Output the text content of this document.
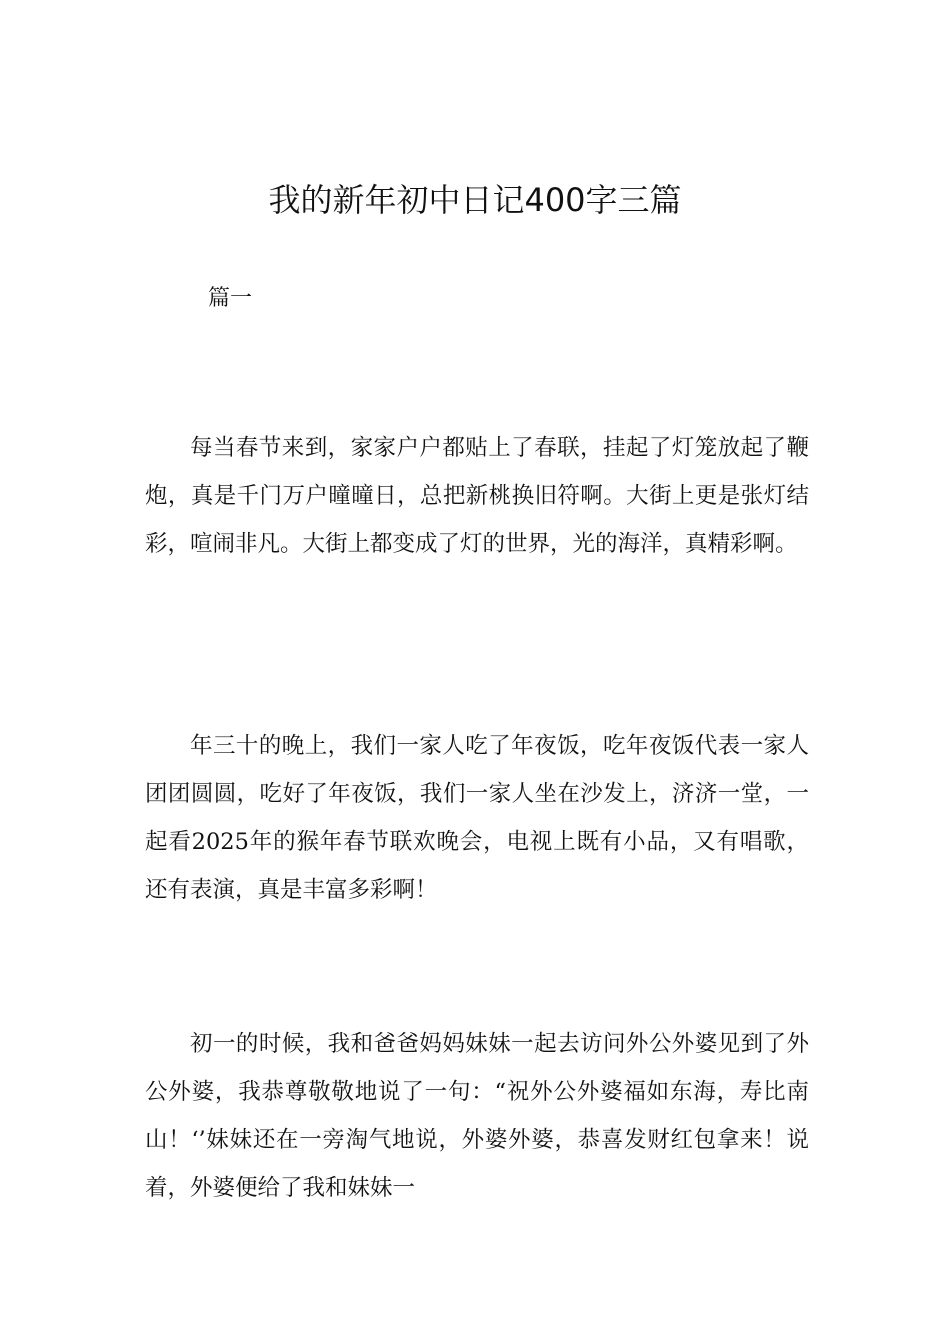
我的新年初中日记400字三篇
篇一

每当春节来到，家家户户都贴上了春联，挂起了灯笼放起了鞭炮，真是千门万户曈曈日，总把新桃换旧符啊。大街上更是张灯结彩，喧闹非凡。大街上都变成了灯的世界，光的海洋，真精彩啊。

年三十的晚上，我们一家人吃了年夜饭，吃年夜饭代表一家人团团圆圆，吃好了年夜饭，我们一家人坐在沙发上，济济一堂，一起看2025年的猴年春节联欢晚会，电视上既有小品，又有唱歌，还有表演，真是丰富多彩啊！

初一的时候，我和爸爸妈妈妹妹一起去访问外公外婆见到了外公外婆，我恭尊敬敬地说了一句：“祝外公外婆福如东海，寿比南山！‘’妹妹还在一旁淘气地说，外婆外婆，恭喜发财红包拿来！说着，外婆便给了我和妹妹一
